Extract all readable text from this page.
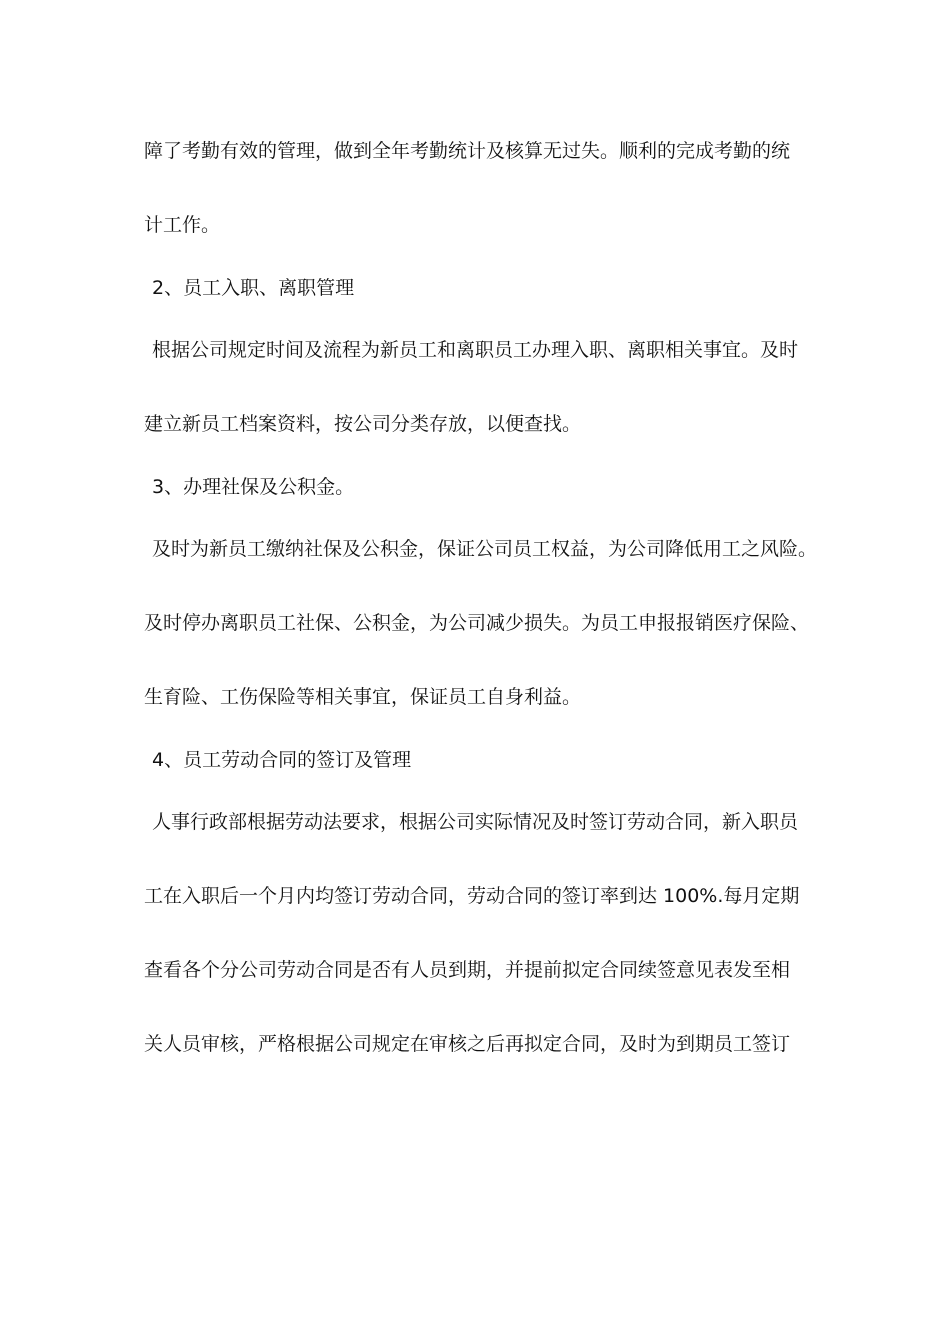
障了考勤有效的管理，做到全年考勤统计及核算无过失。顺利的完成考勤的统
计工作。
2、员工入职、离职管理
根据公司规定时间及流程为新员工和离职员工办理入职、离职相关事宜。及时
建立新员工档案资料，按公司分类存放，以便查找。
3、办理社保及公积金。
及时为新员工缴纳社保及公积金，保证公司员工权益，为公司降低用工之风险。
及时停办离职员工社保、公积金，为公司减少损失。为员工申报报销医疗保险、
生育险、工伤保险等相关事宜，保证员工自身利益。
4、员工劳动合同的签订及管理
人事行政部根据劳动法要求，根据公司实际情况及时签订劳动合同，新入职员
工在入职后一个月内均签订劳动合同，劳动合同的签订率到达 100%.每月定期
查看各个分公司劳动合同是否有人员到期，并提前拟定合同续签意见表发至相
关人员审核，严格根据公司规定在审核之后再拟定合同，及时为到期员工签订
